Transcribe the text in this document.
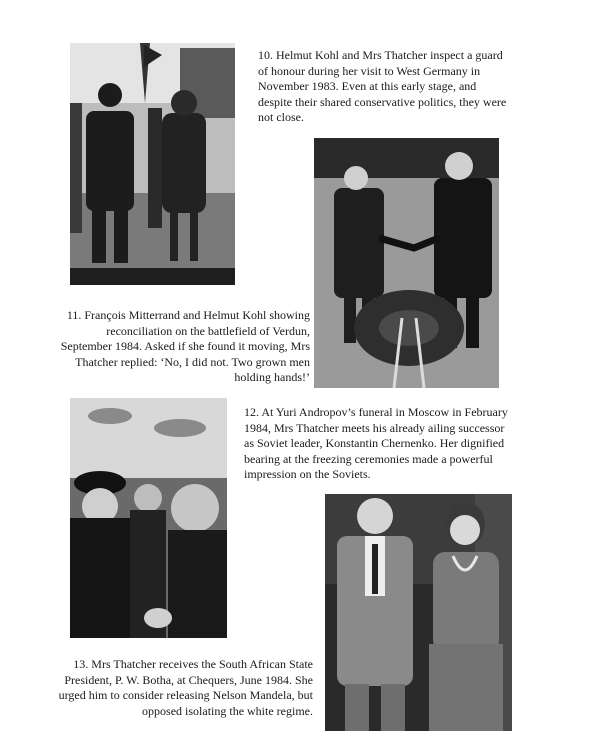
10. Helmut Kohl and Mrs Thatcher inspect a guard of honour during her visit to West Germany in November 1983. Even at this early stage, and despite their shared conservative politics, they were not close.

11. François Mitterrand and Helmut Kohl showing reconciliation on the battlefield of Verdun, September 1984. Asked if she found it moving, Mrs Thatcher replied: ‘No, I did not. Two grown men holding hands!’

12. At Yuri Andropov’s funeral in Moscow in February 1984, Mrs Thatcher meets his already ailing successor as Soviet leader, Konstantin Chernenko. Her dignified bearing at the freezing ceremonies made a powerful impression on the Soviets.

13. Mrs Thatcher receives the South African State President, P. W. Botha, at Chequers, June 1984. She urged him to consider releasing Nelson Mandela, but opposed isolating the white regime.
